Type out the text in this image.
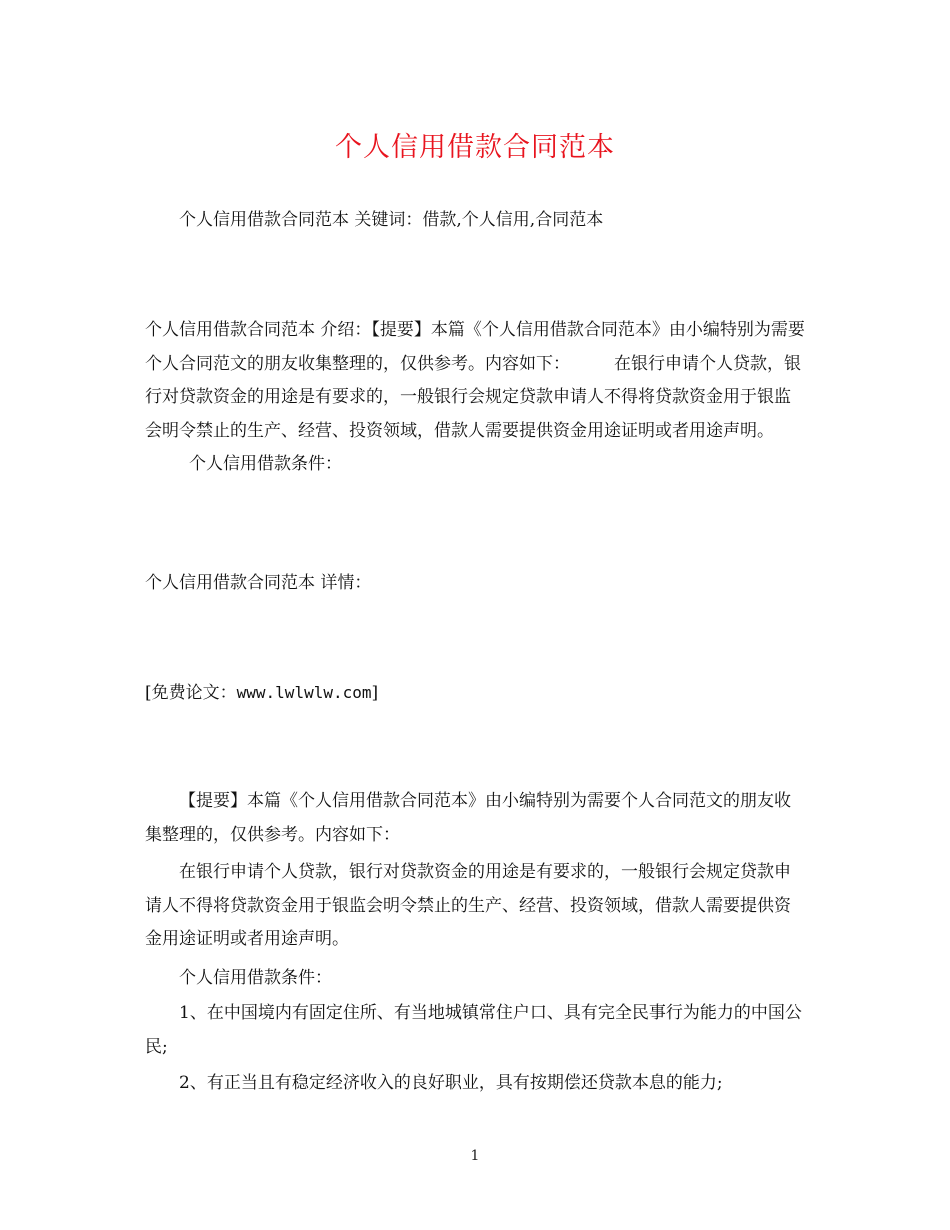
个人信用借款合同范本

个人信用借款合同范本 关键词：借款,个人信用,合同范本

个人信用借款合同范本 介绍：【提要】本篇《个人信用借款合同范本》由小编特别为需要个人合同范文的朋友收集整理的，仅供参考。内容如下：	在银行申请个人贷款，银行对贷款资金的用途是有要求的，一般银行会规定贷款申请人不得将贷款资金用于银监会明令禁止的生产、经营、投资领域，借款人需要提供资金用途证明或者用途声明。个人信用借款条件：

个人信用借款合同范本 详情：

[免费论文：www.lwlwlw.com]

【提要】本篇《个人信用借款合同范本》由小编特别为需要个人合同范文的朋友收集整理的，仅供参考。内容如下：

在银行申请个人贷款，银行对贷款资金的用途是有要求的，一般银行会规定贷款申请人不得将贷款资金用于银监会明令禁止的生产、经营、投资领域，借款人需要提供资金用途证明或者用途声明。

个人信用借款条件：

1、在中国境内有固定住所、有当地城镇常住户口、具有完全民事行为能力的中国公民;

2、有正当且有稳定经济收入的良好职业，具有按期偿还贷款本息的能力;

1
